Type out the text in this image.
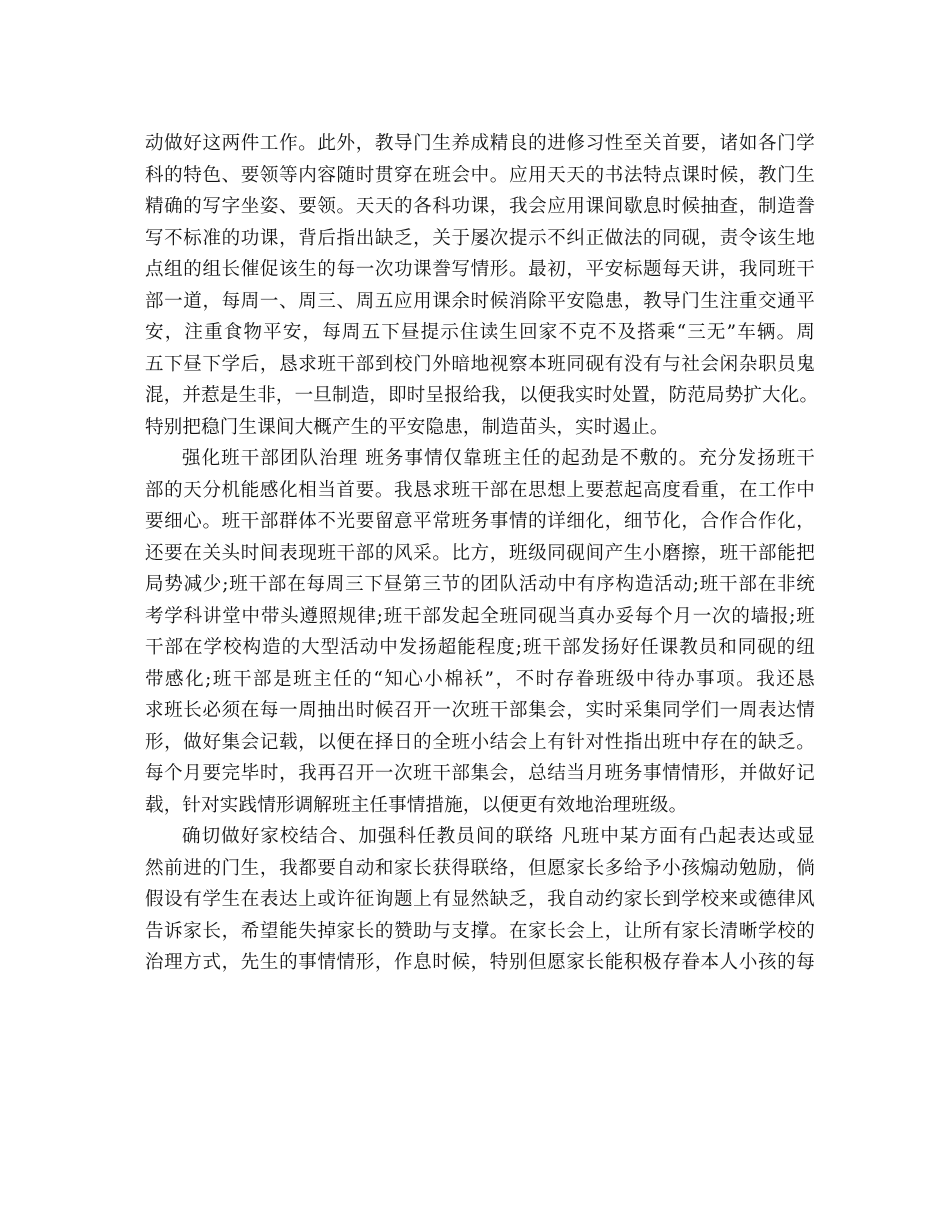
动做好这两件工作。此外，教导门生养成精良的进修习性至关首要，诸如各门学
科的特色、要领等内容随时贯穿在班会中。应用天天的书法特点课时候，教门生
精确的写字坐姿、要领。天天的各科功课，我会应用课间歇息时候抽查，制造誊
写不标准的功课，背后指出缺乏，关于屡次提示不纠正做法的同砚，责令该生地
点组的组长催促该生的每一次功课誊写情形。最初，平安标题每天讲，我同班干
部一道，每周一、周三、周五应用课余时候消除平安隐患，教导门生注重交通平
安，注重食物平安，每周五下昼提示住读生回家不克不及搭乘“三无”车辆。周
五下昼下学后，恳求班干部到校门外暗地视察本班同砚有没有与社会闲杂职员鬼
混，并惹是生非，一旦制造，即时呈报给我，以便我实时处置，防范局势扩大化。
特别把稳门生课间大概产生的平安隐患，制造苗头，实时遏止。
强化班干部团队治理 班务事情仅靠班主任的起劲是不敷的。充分发扬班干
部的天分机能感化相当首要。我恳求班干部在思想上要惹起高度看重，在工作中
要细心。班干部群体不光要留意平常班务事情的详细化，细节化，合作合作化，
还要在关头时间表现班干部的风采。比方，班级同砚间产生小磨擦，班干部能把
局势减少;班干部在每周三下昼第三节的团队活动中有序构造活动;班干部在非统
考学科讲堂中带头遵照规律;班干部发起全班同砚当真办妥每个月一次的墙报;班
干部在学校构造的大型活动中发扬超能程度;班干部发扬好任课教员和同砚的纽
带感化;班干部是班主任的“知心小棉袄”，不时存眷班级中待办事项。我还恳
求班长必须在每一周抽出时候召开一次班干部集会，实时采集同学们一周表达情
形，做好集会记载，以便在择日的全班小结会上有针对性指出班中存在的缺乏。
每个月要完毕时，我再召开一次班干部集会，总结当月班务事情情形，并做好记
载，针对实践情形调解班主任事情措施，以便更有效地治理班级。
确切做好家校结合、加强科任教员间的联络 凡班中某方面有凸起表达或显
然前进的门生，我都要自动和家长获得联络，但愿家长多给予小孩煽动勉励，倘
假设有学生在表达上或许征询题上有显然缺乏，我自动约家长到学校来或德律风
告诉家长，希望能失掉家长的赞助与支撑。在家长会上，让所有家长清晰学校的
治理方式，先生的事情情形，作息时候，特别但愿家长能积极存眷本人小孩的每
